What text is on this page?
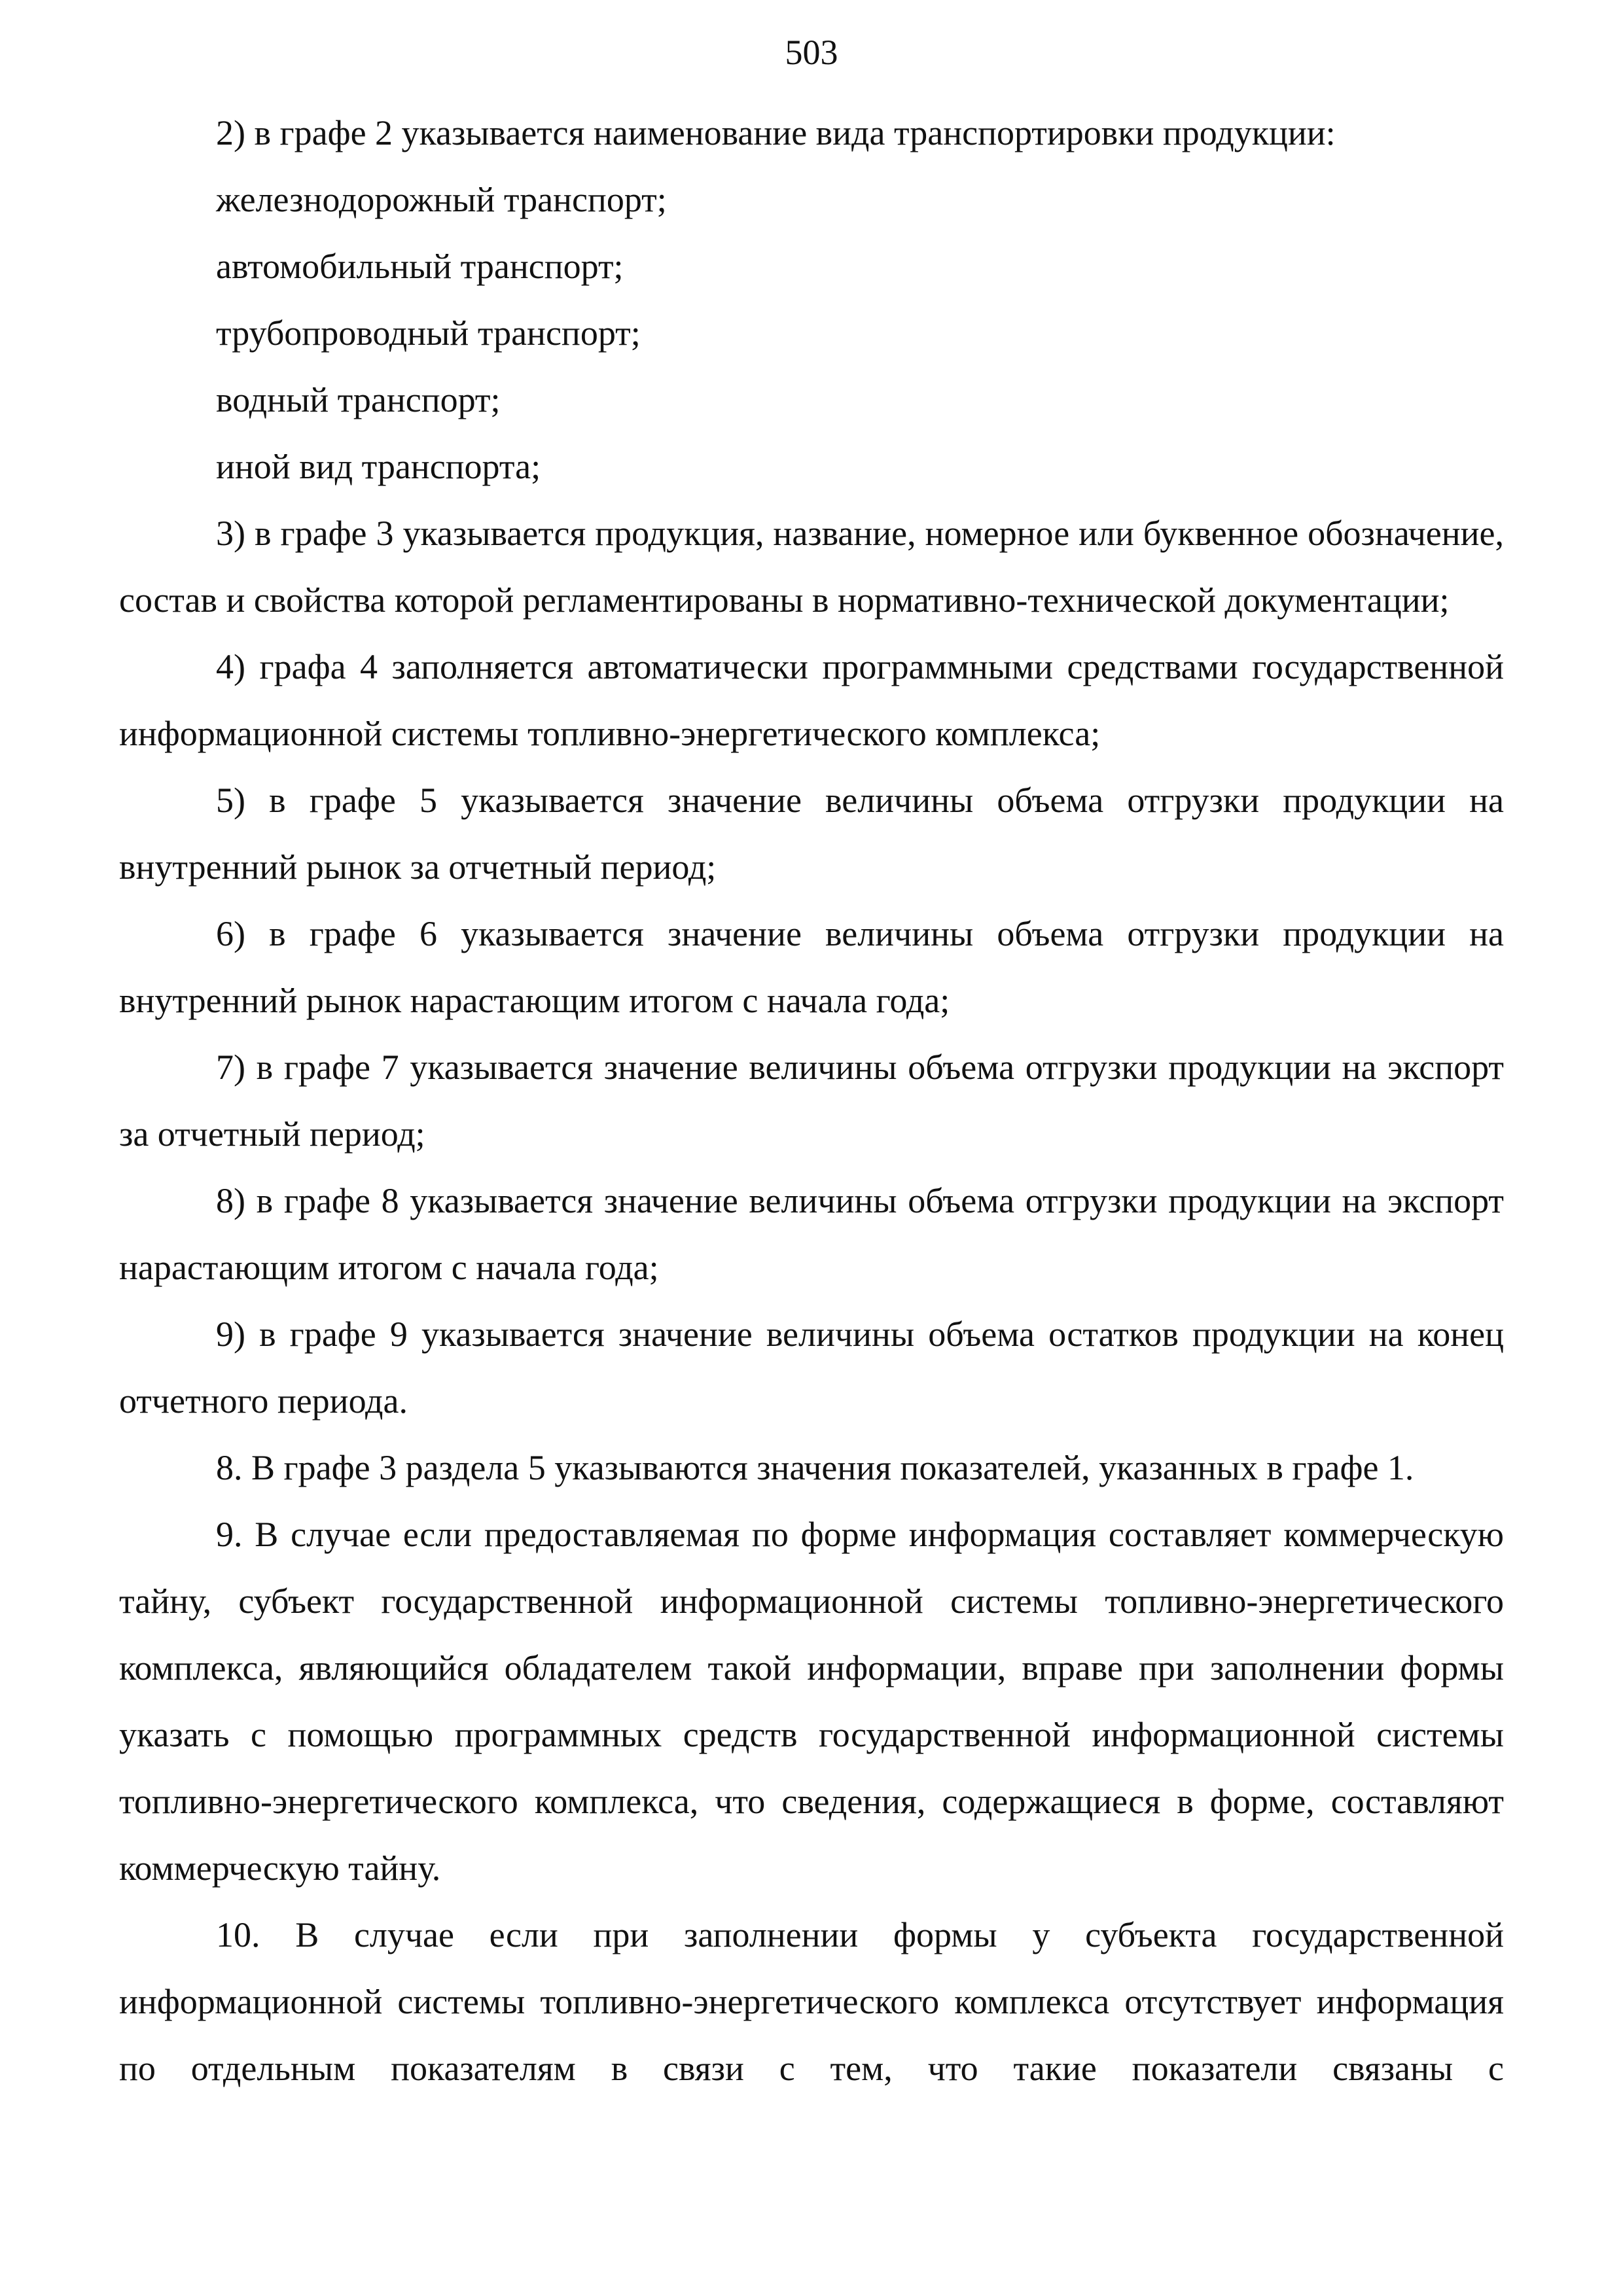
503

2) в графе 2 указывается наименование вида транспортировки продукции:

железнодорожный транспорт;

автомобильный транспорт;

трубопроводный транспорт;

водный транспорт;

иной вид транспорта;

3) в графе 3 указывается продукция, название, номерное или буквенное обозначение, состав и свойства которой регламентированы в нормативно-технической документации;

4) графа 4 заполняется автоматически программными средствами государственной информационной системы топливно-энергетического комплекса;

5) в графе 5 указывается значение величины объема отгрузки продукции на внутренний рынок за отчетный период;

6) в графе 6 указывается значение величины объема отгрузки продукции на внутренний рынок нарастающим итогом с начала года;

7) в графе 7 указывается значение величины объема отгрузки продукции на экспорт за отчетный период;

8) в графе 8 указывается значение величины объема отгрузки продукции на экспорт нарастающим итогом с начала года;

9) в графе 9 указывается значение величины объема остатков продукции на конец отчетного периода.

8. В графе 3 раздела 5 указываются значения показателей, указанных в графе 1.

9. В случае если предоставляемая по форме информация составляет коммерческую тайну, субъект государственной информационной системы топливно-энергетического комплекса, являющийся обладателем такой информации, вправе при заполнении формы указать с помощью программных средств государственной информационной системы топливно-энергетического комплекса, что сведения, содержащиеся в форме, составляют коммерческую тайну.

10. В случае если при заполнении формы у субъекта государственной информационной системы топливно-энергетического комплекса отсутствует информация по отдельным показателям в связи с тем, что такие показатели связаны с
